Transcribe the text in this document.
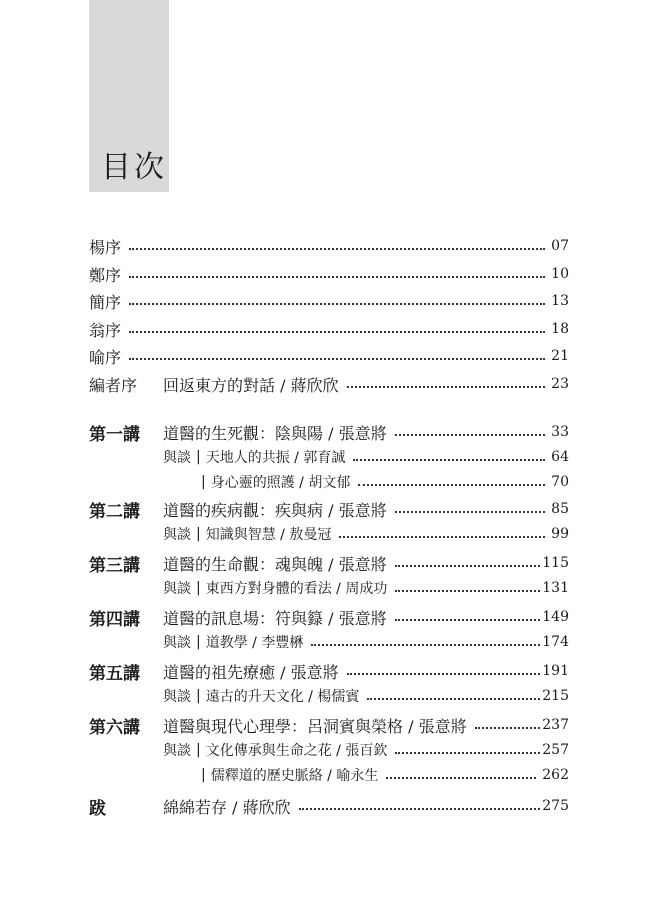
目次
楊序	07
鄭序	10
簡序	13
翁序	18
喻序	21
編者序	回返東方的對話 / 蔣欣欣	23
第一講	道醫的生死觀：陰與陽 / 張意將	33
與談 | 天地人的共振 / 郭育誠	64
| 身心靈的照護 / 胡文郁	70
第二講	道醫的疾病觀：疾與病 / 張意將	85
與談 | 知識與智慧 / 敖曼冠	99
第三講	道醫的生命觀：魂與魄 / 張意將	115
與談 | 東西方對身體的看法 / 周成功	131
第四講	道醫的訊息場：符與籙 / 張意將	149
與談 | 道教學 / 李豐楙	174
第五講	道醫的祖先療癒 / 張意將	191
與談 | 遠古的升天文化 / 楊儒賓	215
第六講	道醫與現代心理學：呂洞賓與榮格 / 張意將	237
與談 | 文化傳承與生命之花 / 張百欽	257
| 儒釋道的歷史脈絡 / 喻永生	262
跋	綿綿若存 / 蔣欣欣	275
